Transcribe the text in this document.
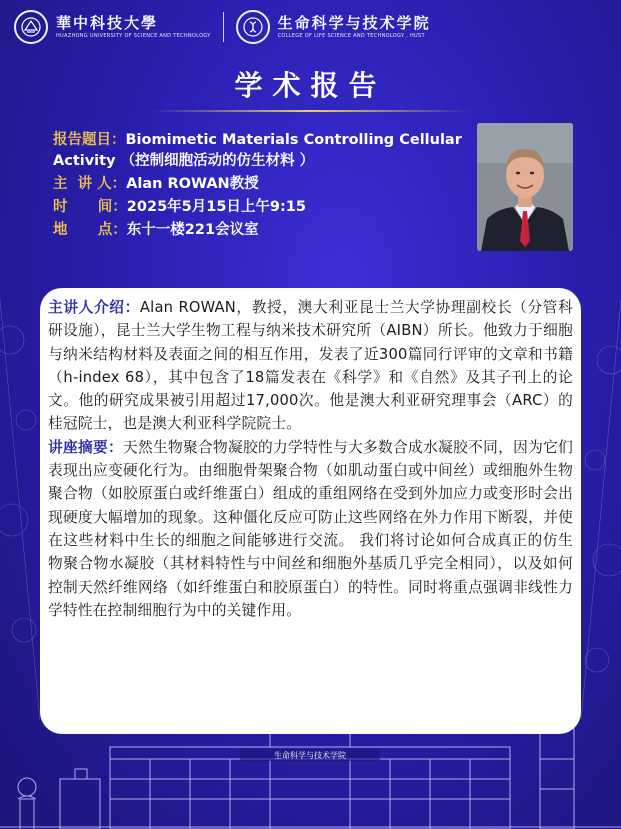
華中科技大學
HUAZHONG UNIVERSITY OF SCIENCE AND TECHNOLOGY
生命科学与技术学院
COLLEGE OF LIFE SCIENCE AND TECHNOLOGY , HUST
学术报告
报告题目：Biomimetic Materials Controlling Cellular Activity （控制细胞活动的仿生材料 ）
主  讲 人：Alan ROWAN教授
时      间：2025年5月15日上午9:15
地      点：东十一楼221会议室
生命科学与技术学院

主讲人介绍：Alan ROWAN，教授，澳大利亚昆士兰大学协理副校长（分管科研设施），昆士兰大学生物工程与纳米技术研究所（AIBN）所长。他致力于细胞与纳米结构材料及表面之间的相互作用，发表了近300篇同行评审的文章和书籍（h-index 68），其中包含了18篇发表在《科学》和《自然》及其子刊上的论文。他的研究成果被引用超过17,000次。他是澳大利亚研究理事会（ARC）的桂冠院士，也是澳大利亚科学院院士。

讲座摘要：天然生物聚合物凝胶的力学特性与大多数合成水凝胶不同，因为它们表现出应变硬化行为。由细胞骨架聚合物（如肌动蛋白或中间丝）或细胞外生物聚合物（如胶原蛋白或纤维蛋白）组成的重组网络在受到外加应力或变形时会出现硬度大幅增加的现象。这种僵化反应可防止这些网络在外力作用下断裂，并使在这些材料中生长的细胞之间能够进行交流。 我们将讨论如何合成真正的仿生物聚合物水凝胶（其材料特性与中间丝和细胞外基质几乎完全相同），以及如何控制天然纤维网络（如纤维蛋白和胶原蛋白）的特性。同时将重点强调非线性力学特性在控制细胞行为中的关键作用。
